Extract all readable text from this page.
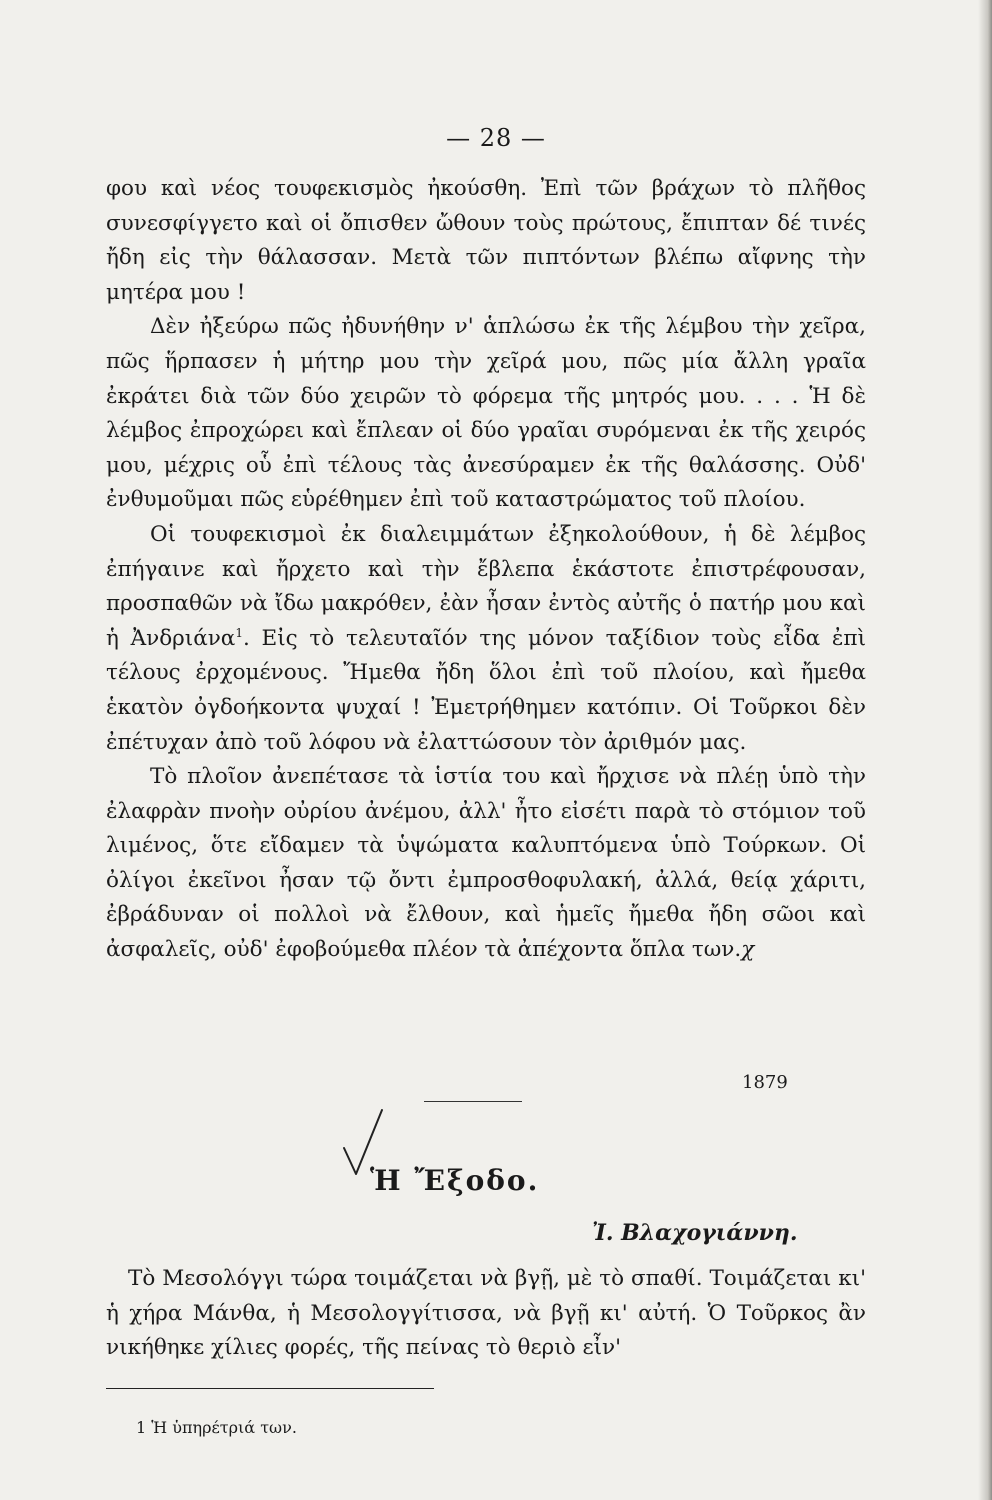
— 28 —

φου καὶ νέος τουφεκισμὸς ἠκούσθη. Ἐπὶ τῶν βράχων τὸ πλῆθος συνεσφίγγετο καὶ οἱ ὄπισθεν ὤθουν τοὺς πρώτους, ἔπιπταν δέ τινές ἤδη εἰς τὴν θάλασσαν. Μετὰ τῶν πιπτόντων βλέπω αἴφνης τὴν μητέρα μου !

Δὲν ἠξεύρω πῶς ἠδυνήθην ν' ἁπλώσω ἐκ τῆς λέμβου τὴν χεῖρα, πῶς ἥρπασεν ἡ μήτηρ μου τὴν χεῖρά μου, πῶς μία ἄλλη γραῖα ἐκράτει διὰ τῶν δύο χειρῶν τὸ φόρεμα τῆς μητρός μου. . . . Ἡ δὲ λέμβος ἐπροχώρει καὶ ἔπλεαν οἱ δύο γραῖαι συρόμεναι ἐκ τῆς χειρός μου, μέχρις οὗ ἐπὶ τέλους τὰς ἀνεσύραμεν ἐκ τῆς θαλάσσης. Οὐδ' ἐνθυμοῦμαι πῶς εὑρέθημεν ἐπὶ τοῦ καταστρώματος τοῦ πλοίου.

Οἱ τουφεκισμοὶ ἐκ διαλειμμάτων ἐξηκολούθουν, ἡ δὲ λέμβος ἐπήγαινε καὶ ἤρχετο καὶ τὴν ἔβλεπα ἑκάστοτε ἐπιστρέφουσαν, προσπαθῶν νὰ ἴδω μακρόθεν, ἐὰν ἦσαν ἐντὸς αὐτῆς ὁ πατήρ μου καὶ ἡ Ἀνδριάνα$^1$. Εἰς τὸ τελευταῖόν της μόνον ταξίδιον τοὺς εἶδα ἐπὶ τέλους ἐρχομένους. Ἤμεθα ἤδη ὅλοι ἐπὶ τοῦ πλοίου, καὶ ἤμεθα ἑκατὸν ὀγδοήκοντα ψυχαί ! Ἐμετρήθημεν κατόπιν. Οἱ Τοῦρκοι δὲν ἐπέτυχαν ἀπὸ τοῦ λόφου νὰ ἐλαττώσουν τὸν ἀριθμόν μας.

Τὸ πλοῖον ἀνεπέτασε τὰ ἱστία του καὶ ἤρχισε νὰ πλέῃ ὑπὸ τὴν ἐλαφρὰν πνοὴν οὐρίου ἀνέμου, ἀλλ' ἦτο εἰσέτι παρὰ τὸ στόμιον τοῦ λιμένος, ὅτε εἴδαμεν τὰ ὑψώματα καλυπτόμενα ὑπὸ Τούρκων. Οἱ ὀλίγοι ἐκεῖνοι ἦσαν τῷ ὄντι ἐμπροσθοφυλακή, ἀλλά, θείᾳ χάριτι, ἐβράδυναν οἱ πολλοὶ νὰ ἔλθουν, καὶ ἡμεῖς ἤμεθα ἤδη σῶοι καὶ ἀσφαλεῖς, οὐδ' ἐφοβούμεθα πλέον τὰ ἀπέχοντα ὅπλα των.χ

1879
Ἡ Ἔξοδο.
Ἰ. Βλαχογιάννη.

Τὸ Μεσολόγγι τώρα τοιμάζεται νὰ βγῇ, μὲ τὸ σπαθί. Τοιμάζεται κι' ἡ χήρα Μάνθα, ἡ Μεσολογγίτισσα, νὰ βγῇ κι' αὐτή. Ὁ Τοῦρκος ἂν νικήθηκε χίλιες φορές, τῆς πείνας τὸ θεριὸ εἶν'

1 Ἡ ὑπηρέτριά των.
